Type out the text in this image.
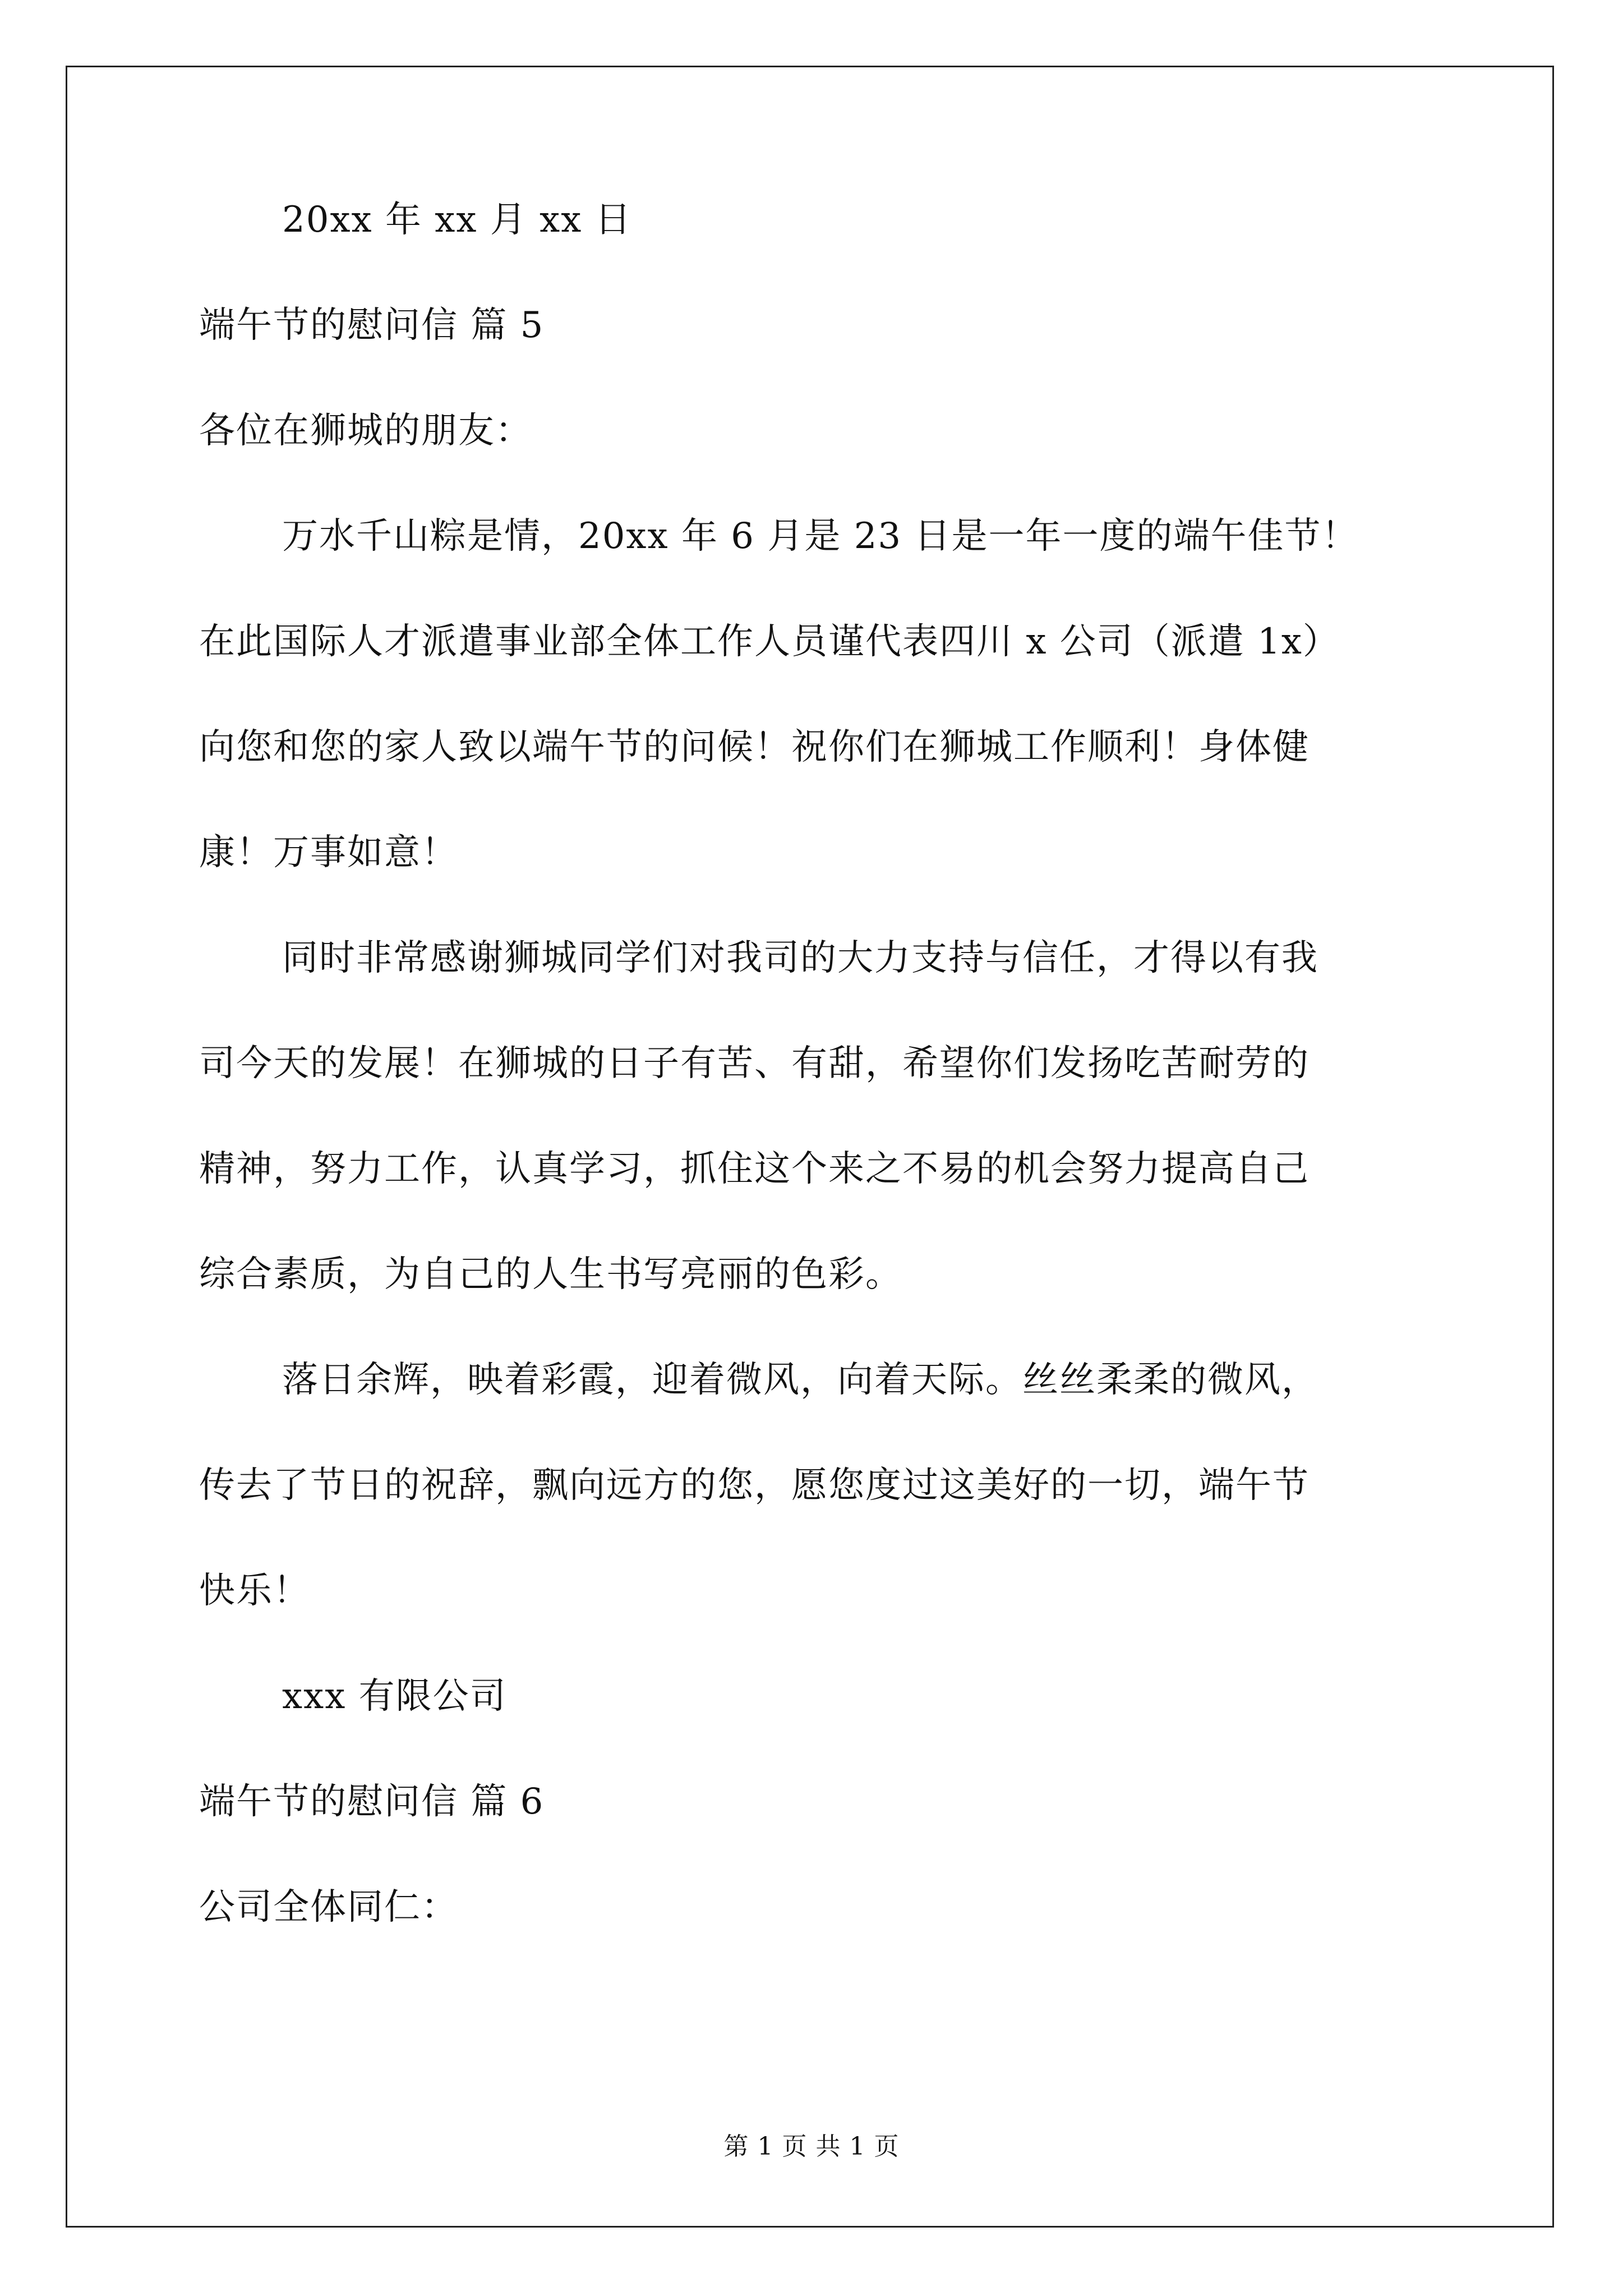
20xx 年 xx 月 xx 日

端午节的慰问信 篇 5

各位在狮城的朋友：

万水千山粽是情，20xx 年 6 月是 23 日是一年一度的端午佳节！

在此国际人才派遣事业部全体工作人员谨代表四川 x 公司（派遣 1x）

向您和您的家人致以端午节的问候！祝你们在狮城工作顺利！身体健

康！万事如意！

同时非常感谢狮城同学们对我司的大力支持与信任，才得以有我

司今天的发展！在狮城的日子有苦、有甜，希望你们发扬吃苦耐劳的

精神，努力工作，认真学习，抓住这个来之不易的机会努力提高自己

综合素质，为自己的人生书写亮丽的色彩。

落日余辉，映着彩霞，迎着微风，向着天际。丝丝柔柔的微风，

传去了节日的祝辞，飘向远方的您，愿您度过这美好的一切，端午节

快乐！

xxx 有限公司

端午节的慰问信 篇 6

公司全体同仁：

第 1 页 共 1 页
